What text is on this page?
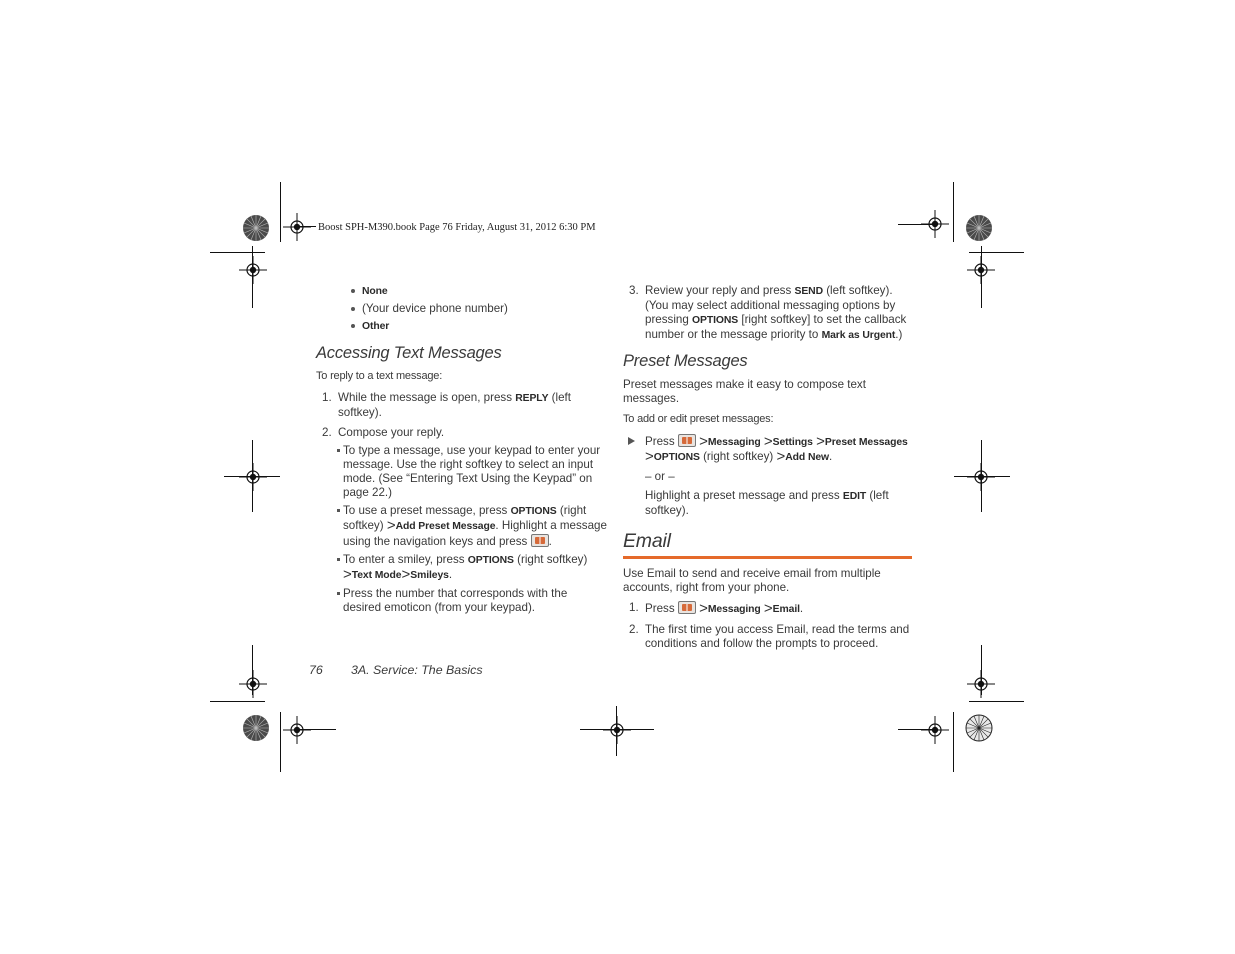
Boost SPH-M390.book Page 76 Friday, August 31, 2012 6:30 PM
None
(Your device phone number)
Other
Accessing Text Messages
To reply to a text message:
1. While the message is open, press REPLY (left softkey).
2. Compose your reply.
To type a message, use your keypad to enter your message. Use the right softkey to select an input mode. (See “Entering Text Using the Keypad” on page 22.)
To use a preset message, press OPTIONS (right softkey) >Add Preset Message. Highlight a message using the navigation keys and press .
To enter a smiley, press OPTIONS (right softkey) >Text Mode>Smileys.
Press the number that corresponds with the desired emoticon (from your keypad).
3. Review your reply and press SEND (left softkey). (You may select additional messaging options by pressing OPTIONS [right softkey] to set the callback number or the message priority to Mark as Urgent.)
Preset Messages
Preset messages make it easy to compose text messages.
To add or edit preset messages:
Press  >Messaging >Settings >Preset Messages >OPTIONS (right softkey) >Add New.
– or –
Highlight a preset message and press EDIT (left softkey).
Email
Use Email to send and receive email from multiple accounts, right from your phone.
1. Press  >Messaging >Email.
2. The first time you access Email, read the terms and conditions and follow the prompts to proceed.
76 3A. Service: The Basics
